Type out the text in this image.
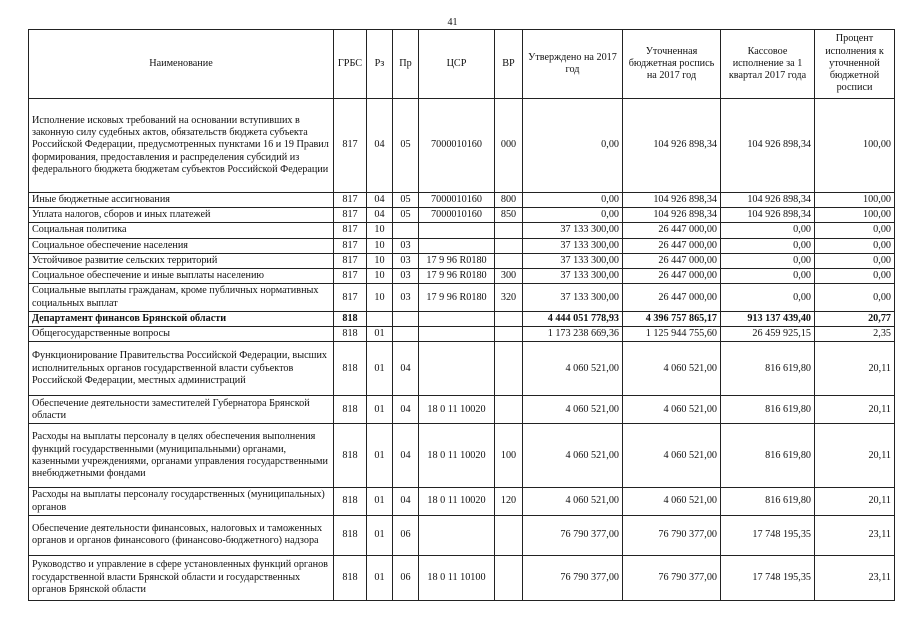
41
Наименование	ГРБС	Рз	Пр	ЦСР	ВР	Утверждено на 2017 год	Уточненная бюджетная роспись на 2017 год	Кассовое исполнение за 1 квартал 2017 года	Процент исполнения к уточненной бюджетной росписи
Исполнение исковых требований на основании вступивших в законную силу судебных актов, обязательств бюджета субъекта Российской Федерации, предусмотренных пунктами 16 и 19 Правил формирования, предоставления и распределения субсидий из федерального бюджета бюджетам субъектов Российской Федерации	817	04	05	7000010160	000	0,00	104 926 898,34	104 926 898,34	100,00
Иные бюджетные ассигнования	817	04	05	7000010160	800	0,00	104 926 898,34	104 926 898,34	100,00
Уплата налогов, сборов и иных платежей	817	04	05	7000010160	850	0,00	104 926 898,34	104 926 898,34	100,00
Социальная политика	817	10				37 133 300,00	26 447 000,00	0,00	0,00
Социальное обеспечение населения	817	10	03			37 133 300,00	26 447 000,00	0,00	0,00
Устойчивое развитие сельских территорий	817	10	03	17 9 96 R0180		37 133 300,00	26 447 000,00	0,00	0,00
Социальное обеспечение и иные выплаты населению	817	10	03	17 9 96 R0180	300	37 133 300,00	26 447 000,00	0,00	0,00
Социальные выплаты гражданам, кроме публичных нормативных социальных выплат	817	10	03	17 9 96 R0180	320	37 133 300,00	26 447 000,00	0,00	0,00
Департамент финансов Брянской области	818					4 444 051 778,93	4 396 757 865,17	913 137 439,40	20,77
Общегосударственные вопросы	818	01				1 173 238 669,36	1 125 944 755,60	26 459 925,15	2,35
Функционирование Правительства Российской Федерации, высших исполнительных органов государственной власти субъектов Российской Федерации, местных администраций	818	01	04			4 060 521,00	4 060 521,00	816 619,80	20,11
Обеспечение деятельности заместителей Губернатора Брянской области	818	01	04	18 0 11 10020		4 060 521,00	4 060 521,00	816 619,80	20,11
Расходы на выплаты персоналу в целях обеспечения выполнения функций государственными (муниципальными) органами, казенными учреждениями, органами управления государственными внебюджетными фондами	818	01	04	18 0 11 10020	100	4 060 521,00	4 060 521,00	816 619,80	20,11
Расходы на выплаты персоналу государственных (муниципальных) органов	818	01	04	18 0 11 10020	120	4 060 521,00	4 060 521,00	816 619,80	20,11
Обеспечение деятельности финансовых, налоговых и таможенных органов и органов финансового (финансово-бюджетного) надзора	818	01	06			76 790 377,00	76 790 377,00	17 748 195,35	23,11
Руководство и управление в сфере установленных функций органов государственной власти Брянской области и государственных органов Брянской области	818	01	06	18 0 11 10100		76 790 377,00	76 790 377,00	17 748 195,35	23,11
